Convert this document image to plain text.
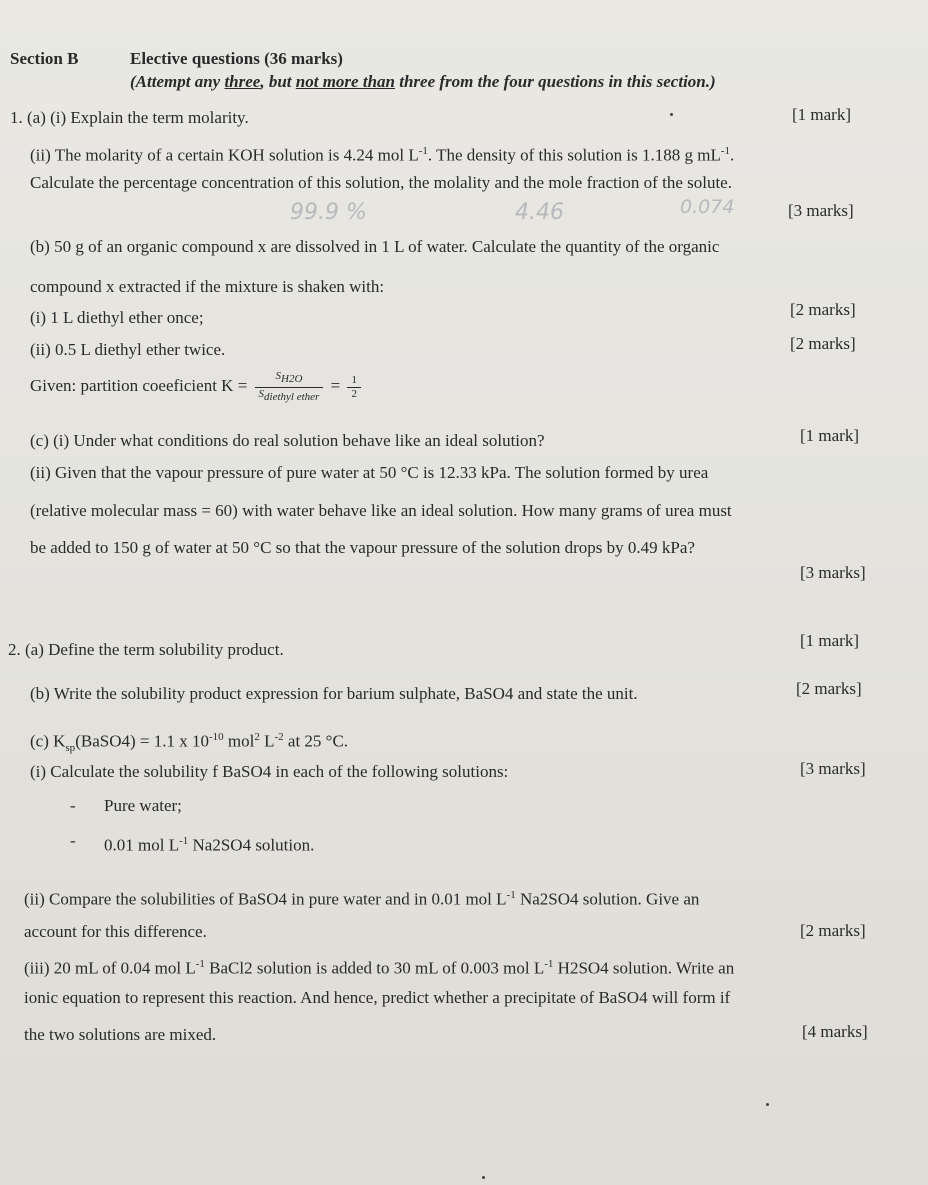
Section B	Elective questions (36 marks)
(Attempt any three, but not more than three from the four questions in this section.)
1. (a) (i) Explain the term molarity.	[1 mark]
(ii) The molarity of a certain KOH solution is 4.24 mol $L^{-1}$. The density of this solution is 1.188 g $mL^{-1}$.
Calculate the percentage concentration of this solution, the molality and the mole fraction of the solute.
99.9 %	4.46	0.074	[3 marks]
(b) 50 g of an organic compound x are dissolved in 1 L of water. Calculate the quantity of the organic
compound x extracted if the mixture is shaken with:
(i) 1 L diethyl ether once;	[2 marks]
(ii) 0.5 L diethyl ether twice.	[2 marks]
Given: partition coeeficient $K = \frac{S_{H2O}}{S_{diethyl ether}} = \frac{1}{2}$
(c) (i) Under what conditions do real solution behave like an ideal solution?	[1 mark]
(ii) Given that the vapour pressure of pure water at 50 °C is 12.33 kPa. The solution formed by urea
(relative molecular mass = 60) with water behave like an ideal solution. How many grams of urea must
be added to 150 g of water at 50 °C so that the vapour pressure of the solution drops by 0.49 kPa?
[3 marks]
2. (a) Define the term solubility product.	[1 mark]
(b) Write the solubility product expression for barium sulphate, BaSO4 and state the unit.	[2 marks]
(c) $K_{sp}(BaSO4) = 1.1$ x $10^{-10}$ mol$^2$ $L^{-2}$ at 25 °C.
(i) Calculate the solubility f BaSO4 in each of the following solutions:	[3 marks]
- Pure water;
- 0.01 mol $L^{-1}$ Na2SO4 solution.
(ii) Compare the solubilities of BaSO4 in pure water and in 0.01 mol $L^{-1}$ Na2SO4 solution. Give an
account for this difference.	[2 marks]
(iii) 20 mL of 0.04 mol $L^{-1}$ BaCl2 solution is added to 30 mL of 0.003 mol $L^{-1}$ H2SO4 solution. Write an
ionic equation to represent this reaction. And hence, predict whether a precipitate of BaSO4 will form if
the two solutions are mixed.	[4 marks]
